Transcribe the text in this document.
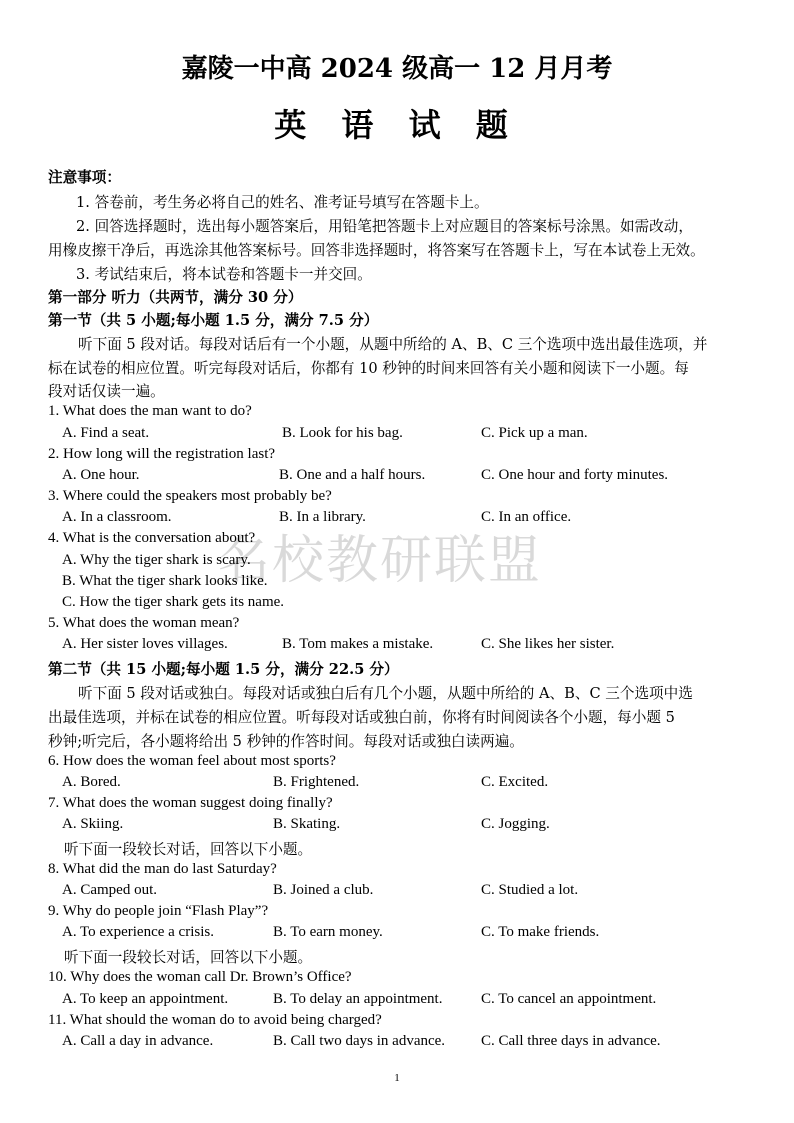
嘉陵一中高 2024 级高一 12 月月考
英 语 试 题
名校教研联盟
注意事项：
1. 答卷前，考生务必将自己的姓名、准考证号填写在答题卡上。
2. 回答选择题时，选出每小题答案后，用铅笔把答题卡上对应题目的答案标号涂黑。如需改动，
用橡皮擦干净后，再选涂其他答案标号。回答非选择题时，将答案写在答题卡上，写在本试卷上无效。
3. 考试结束后，将本试卷和答题卡一并交回。
第一部分 听力（共两节，满分 30 分）
第一节（共 5 小题;每小题 1.5 分，满分 7.5 分）
听下面 5 段对话。每段对话后有一个小题，从题中所给的 A、B、C 三个选项中选出最佳选项，并
标在试卷的相应位置。听完每段对话后，你都有 10 秒钟的时间来回答有关小题和阅读下一小题。每
段对话仅读一遍。
1. What does the man want to do?
A. Find a seat.	B. Look for his bag.	C. Pick up a man.
2. How long will the registration last?
A. One hour.	B. One and a half hours.	C. One hour and forty minutes.
3. Where could the speakers most probably be?
A. In a classroom.	B. In a library.	C. In an office.
4. What is the conversation about?
A. Why the tiger shark is scary.
B. What the tiger shark looks like.
C. How the tiger shark gets its name.
5. What does the woman mean?
A. Her sister loves villages.	B. Tom makes a mistake.	C. She likes her sister.
第二节（共 15 小题;每小题 1.5 分，满分 22.5 分）
听下面 5 段对话或独白。每段对话或独白后有几个小题，从题中所给的 A、B、C 三个选项中选
出最佳选项，并标在试卷的相应位置。听每段对话或独白前，你将有时间阅读各个小题，每小题 5
秒钟;听完后，各小题将给出 5 秒钟的作答时间。每段对话或独白读两遍。
6. How does the woman feel about most sports?
A. Bored.	B. Frightened.	C. Excited.
7. What does the woman suggest doing finally?
A. Skiing.	B. Skating.	C. Jogging.
听下面一段较长对话，回答以下小题。
8. What did the man do last Saturday?
A. Camped out.	B. Joined a club.	C. Studied a lot.
9. Why do people join “Flash Play”?
A. To experience a crisis.	B. To earn money.	C. To make friends.
听下面一段较长对话，回答以下小题。
10. Why does the woman call Dr. Brown’s Office?
A. To keep an appointment.	B. To delay an appointment.	C. To cancel an appointment.
11. What should the woman do to avoid being charged?
A. Call a day in advance.	B. Call two days in advance. C. Call three days in advance.
1
